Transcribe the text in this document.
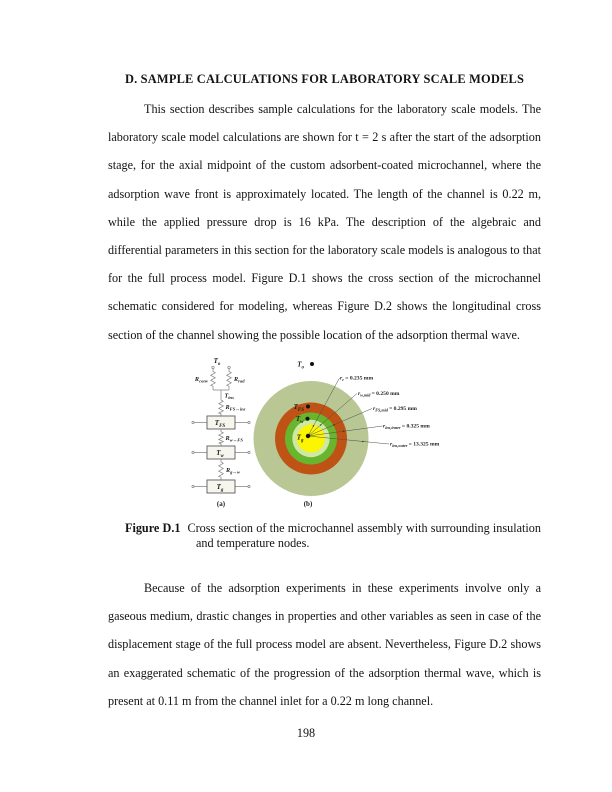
D. SAMPLE CALCULATIONS FOR LABORATORY SCALE MODELS
This section describes sample calculations for the laboratory scale models. The laboratory scale model calculations are shown for t = 2 s after the start of the adsorption stage, for the axial midpoint of the custom adsorbent-coated microchannel, where the adsorption wave front is approximately located. The length of the channel is 0.22 m, while the applied pressure drop is 16 kPa. The description of the algebraic and differential parameters in this section for the laboratory scale models is analogous to that for the full process model. Figure D.1 shows the cross section of the microchannel schematic considered for modeling, whereas Figure D.2 shows the longitudinal cross section of the channel showing the possible location of the adsorption thermal wave.
$T_o$
$R_{conv}$	$R_{rad}$
$T_{ins}$
$R_{FS\leftrightarrow ins}$
$T_{FS}$
$R_{w\leftrightarrow FS}$
$T_w$
$R_{g\leftrightarrow w}$
$T_g$
(a)
$T_o$
$T_{FS}$
$T_w$
$T_g$
$r_c= 0.235$ mm
$r_{w,mid}= 0.250$ mm
$r_{FS,mid}= 0.295$ mm
$r_{ins,inner}= 0.325$ mm
$r_{ins,outer}= 13.325$ mm
(b)
Figure D.1 Cross section of the microchannel assembly with surrounding insulation and temperature nodes.
Because of the adsorption experiments in these experiments involve only a gaseous medium, drastic changes in properties and other variables as seen in case of the displacement stage of the full process model are absent. Nevertheless, Figure D.2 shows an exaggerated schematic of the progression of the adsorption thermal wave, which is present at 0.11 m from the channel inlet for a 0.22 m long channel.
198
